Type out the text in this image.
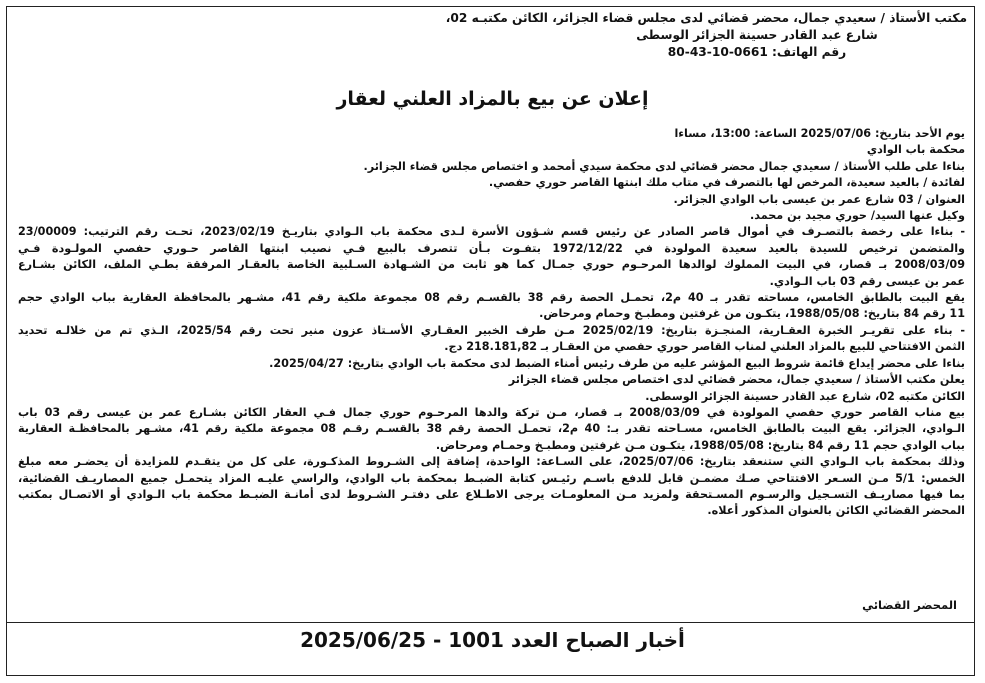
مكتب الأستاذ / سعيدي جمال، محضر قضائي لدى مجلس قضاء الجزائر، الكائن مكتبـه 02،
شارع عبد القادر حسينة الجزائر الوسطى
رقم الهاتف: 0661-10-43-80
إعلان عن بيع بالمزاد العلني لعقار
يوم الأحد بتاريخ: 2025/07/06 الساعة: 13:00، مساءا
محكمة باب الوادي
بناءا على طلب الأستاذ / سعيدي جمال محضر قضائي لدى محكمة سيدي أمحمد و اختصاص مجلس قضاء الجزائر.
لفائدة / بالعيد سعيدة، المرخص لها بالتصرف في متاب ملك ابنتها القاصر حوري حفصي.
العنوان / 03 شارع عمر بن عيسى باب الوادي الجزائر.
وكيل عنها السيد/ حوري مجيد بن محمد.
- بناءا على رخصة بالتصـرف في أموال قاصر الصادر عن رئيس قسم شـؤون الأسرة لـدى محكمة باب الـوادي بتاريـخ 2023/02/19، تحـت رقم الترتيب: 23/00009
والمتضمن ترخيص للسيدة بالعيد سعيدة المولودة في 1972/12/22 بتفـوت بـأن تتصرف بالبيع فـي نصيب ابنتها القاصر حـوري حفصي المولـودة فـي
2008/03/09 بـ قصار، في البيت المملوك لوالدها المرحـوم حوري جمـال كما هو ثابت من الشـهادة السـلبية الخاصة بالعقـار المرفقة بطـي الملف، الكائن بشـارع
عمر بن عيسى رقم 03 باب الـوادي.
يقع البيت بالطابق الخامس، مساحته تقدر بـ 40 م2، تحمـل الحصة رقم 38 بالقسـم رقم 08 مجموعة ملكية رقم 41، مشـهر بالمحافظة العقارية بباب الوادي حجم
11 رقم 84 بتاريخ: 1988/05/08، يتكـون من غرفتين ومطبـخ وحمام ومرحاض.
- بناء على تقريـر الخبرة العقـارية، المنجـزة بتاريخ: 2025/02/19 مـن طرف الخبير العقـاري الأسـتاذ عزون منير تحت رقم 2025/54، الـذي تم من خلالـه تحديد
الثمن الافتتاحي للبيع بالمزاد العلني لمناب القاصر حوري حفصي من العقـار بـ 218.181,82 دج.
بناءا على محضر إيداع قائمة شروط البيع المؤشر عليه من طرف رئيس أمناء الضبط لدى محكمة باب الوادي بتاريخ: 2025/04/27.
يعلن مكتب الأستاذ / سعيدي جمال، محضر قضائي لدى اختصاص مجلس قضاء الجزائر
الكائن مكتبه 02، شارع عبد القادر حسينة الجزائر الوسطى.
بيع مناب القاصر حوري حفصي المولودة في 2008/03/09 بـ قصار، مـن تركة والدها المرحـوم حوري جمال فـي العقار الكائن بشـارع عمر بن عيسى رقم 03 باب
الـوادي، الجزائر. يقع البيت بالطابق الخامس، مسـاحته تقدر بـ: 40 م2، تحمـل الحصة رقم 38 بالقسـم رقـم 08 مجموعة ملكية رقم 41، مشـهر بالمحافظـة العقارية
بباب الوادي حجم 11 رقم 84 بتاريخ: 1988/05/08، يتكـون مـن غرفتين ومطبـخ وحمـام ومرحاض.
وذلك بمحكمة باب الـوادي التي ستنعقد بتاريخ: 2025/07/06، على السـاعة: الواحدة، إضافة إلى الشـروط المذكـورة، على كل من يتقـدم للمزايدة أن يحضـر معه مبلغ
الخمس: 5/1 مـن السـعر الافتتاحي صـك مضمـن قابل للدفع باسـم رئيـس كتابة الضبـط بمحكمة باب الوادي، والراسي عليـه المزاد يتحمـل جميع المصاريـف القضائية،
بما فيها مصاريـف التسـجيل والرسـوم المسـتحقة ولمزيد مـن المعلومـات يرجى الاطـلاع على دفتـر الشـروط لدى أمانـة الضبـط محكمة باب الـوادي أو الاتصـال بمكتب
المحضر القضائي الكائن بالعنوان المذكور أعلاه.
المحضر القضائي
أخبار الصباح العدد 1001 - 2025/06/25
